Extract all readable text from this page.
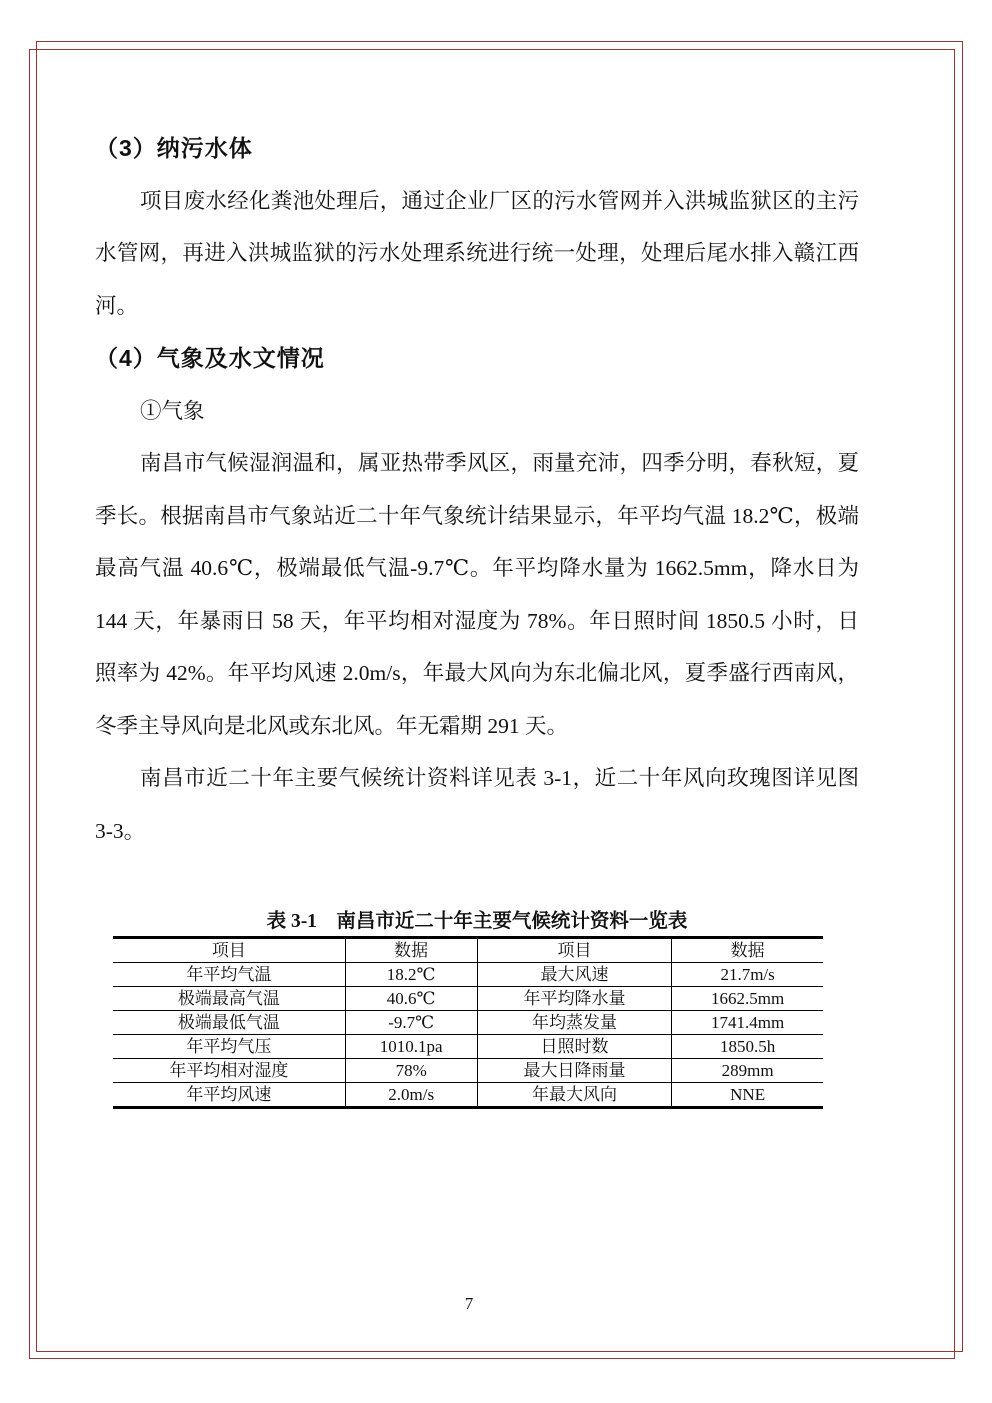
（3）纳污水体

项目废水经化粪池处理后，通过企业厂区的污水管网并入洪城监狱区的主污水管网，再进入洪城监狱的污水处理系统进行统一处理，处理后尾水排入赣江西河。

（4）气象及水文情况

①气象

南昌市气候湿润温和，属亚热带季风区，雨量充沛，四季分明，春秋短，夏季长。根据南昌市气象站近二十年气象统计结果显示，年平均气温 18.2℃，极端最高气温 40.6℃，极端最低气温-9.7℃。年平均降水量为 1662.5mm，降水日为 144 天，年暴雨日 58 天，年平均相对湿度为 78%。年日照时间 1850.5 小时，日照率为 42%。年平均风速 2.0m/s，年最大风向为东北偏北风，夏季盛行西南风，冬季主导风向是北风或东北风。年无霜期 291 天。

南昌市近二十年主要气候统计资料详见表 3-1，近二十年风向玫瑰图详见图 3-3。

表 3-1　南昌市近二十年主要气候统计资料一览表
项目	数据	项目	数据
年平均气温	18.2℃	最大风速	21.7m/s
极端最高气温	40.6℃	年平均降水量	1662.5mm
极端最低气温	-9.7℃	年均蒸发量	1741.4mm
年平均气压	1010.1pa	日照时数	1850.5h
年平均相对湿度	78%	最大日降雨量	289mm
年平均风速	2.0m/s	年最大风向	NNE
7
